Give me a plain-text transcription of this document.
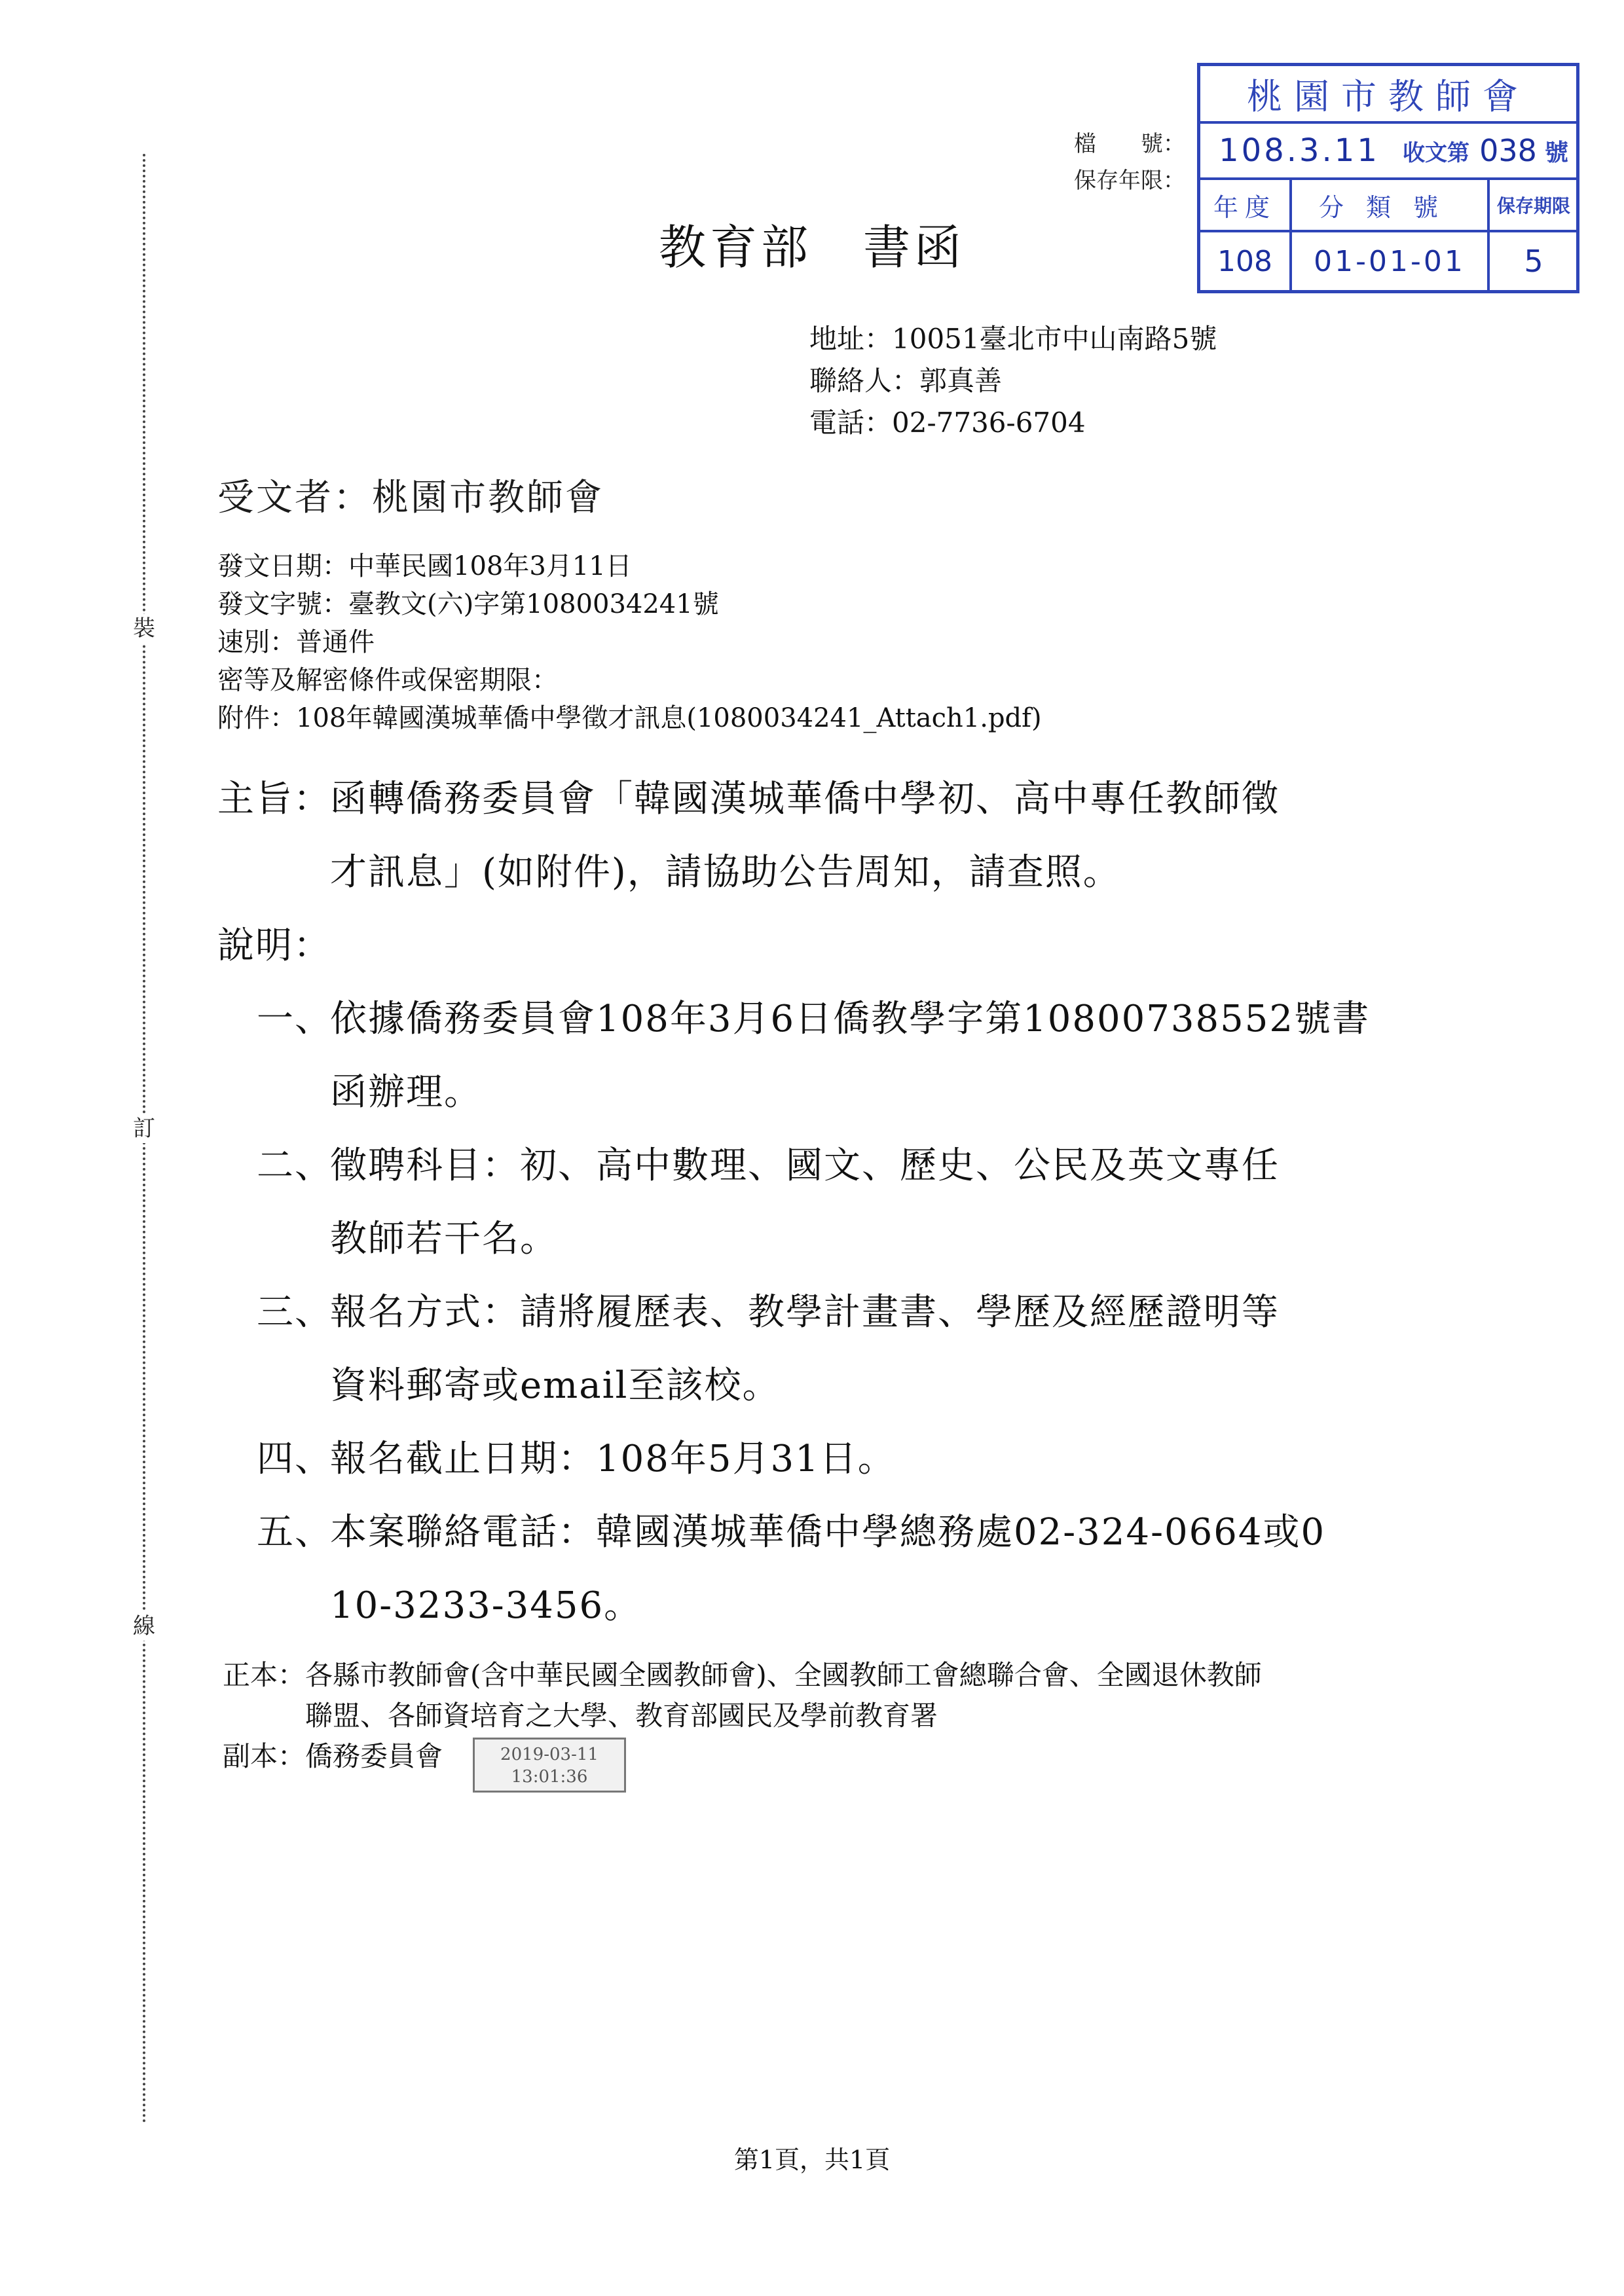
裝
訂
線
檔　　號：
保存年限：
桃園市教師會
108.3.11	收文第 038 號
年度	分類號	保存期限
108	01-01-01	5
教育部　書函
地址：10051臺北市中山南路5號
聯絡人：郭真善
電話：02-7736-6704
受文者：桃園市教師會
發文日期：中華民國108年3月11日
發文字號：臺教文(六)字第1080034241號
速別：普通件
密等及解密條件或保密期限：
附件：108年韓國漢城華僑中學徵才訊息(1080034241_Attach1.pdf)
主旨：
函轉僑務委員會「韓國漢城華僑中學初、高中專任教師徵
才訊息」(如附件)，請協助公告周知，請查照。
說明：
一、
依據僑務委員會108年3月6日僑教學字第10800738552號書
函辦理。
二、
徵聘科目：初、高中數理、國文、歷史、公民及英文專任
教師若干名。
三、
報名方式：請將履歷表、教學計畫書、學歷及經歷證明等
資料郵寄或email至該校。
四、
報名截止日期：108年5月31日。
五、
本案聯絡電話：韓國漢城華僑中學總務處02-324-0664或0
10-3233-3456。
正本：各縣市教師會(含中華民國全國教師會)、全國教師工會總聯合會、全國退休教師
聯盟、各師資培育之大學、教育部國民及學前教育署
副本：僑務委員會	2019-03-11
13:01:36
第1頁，共1頁
